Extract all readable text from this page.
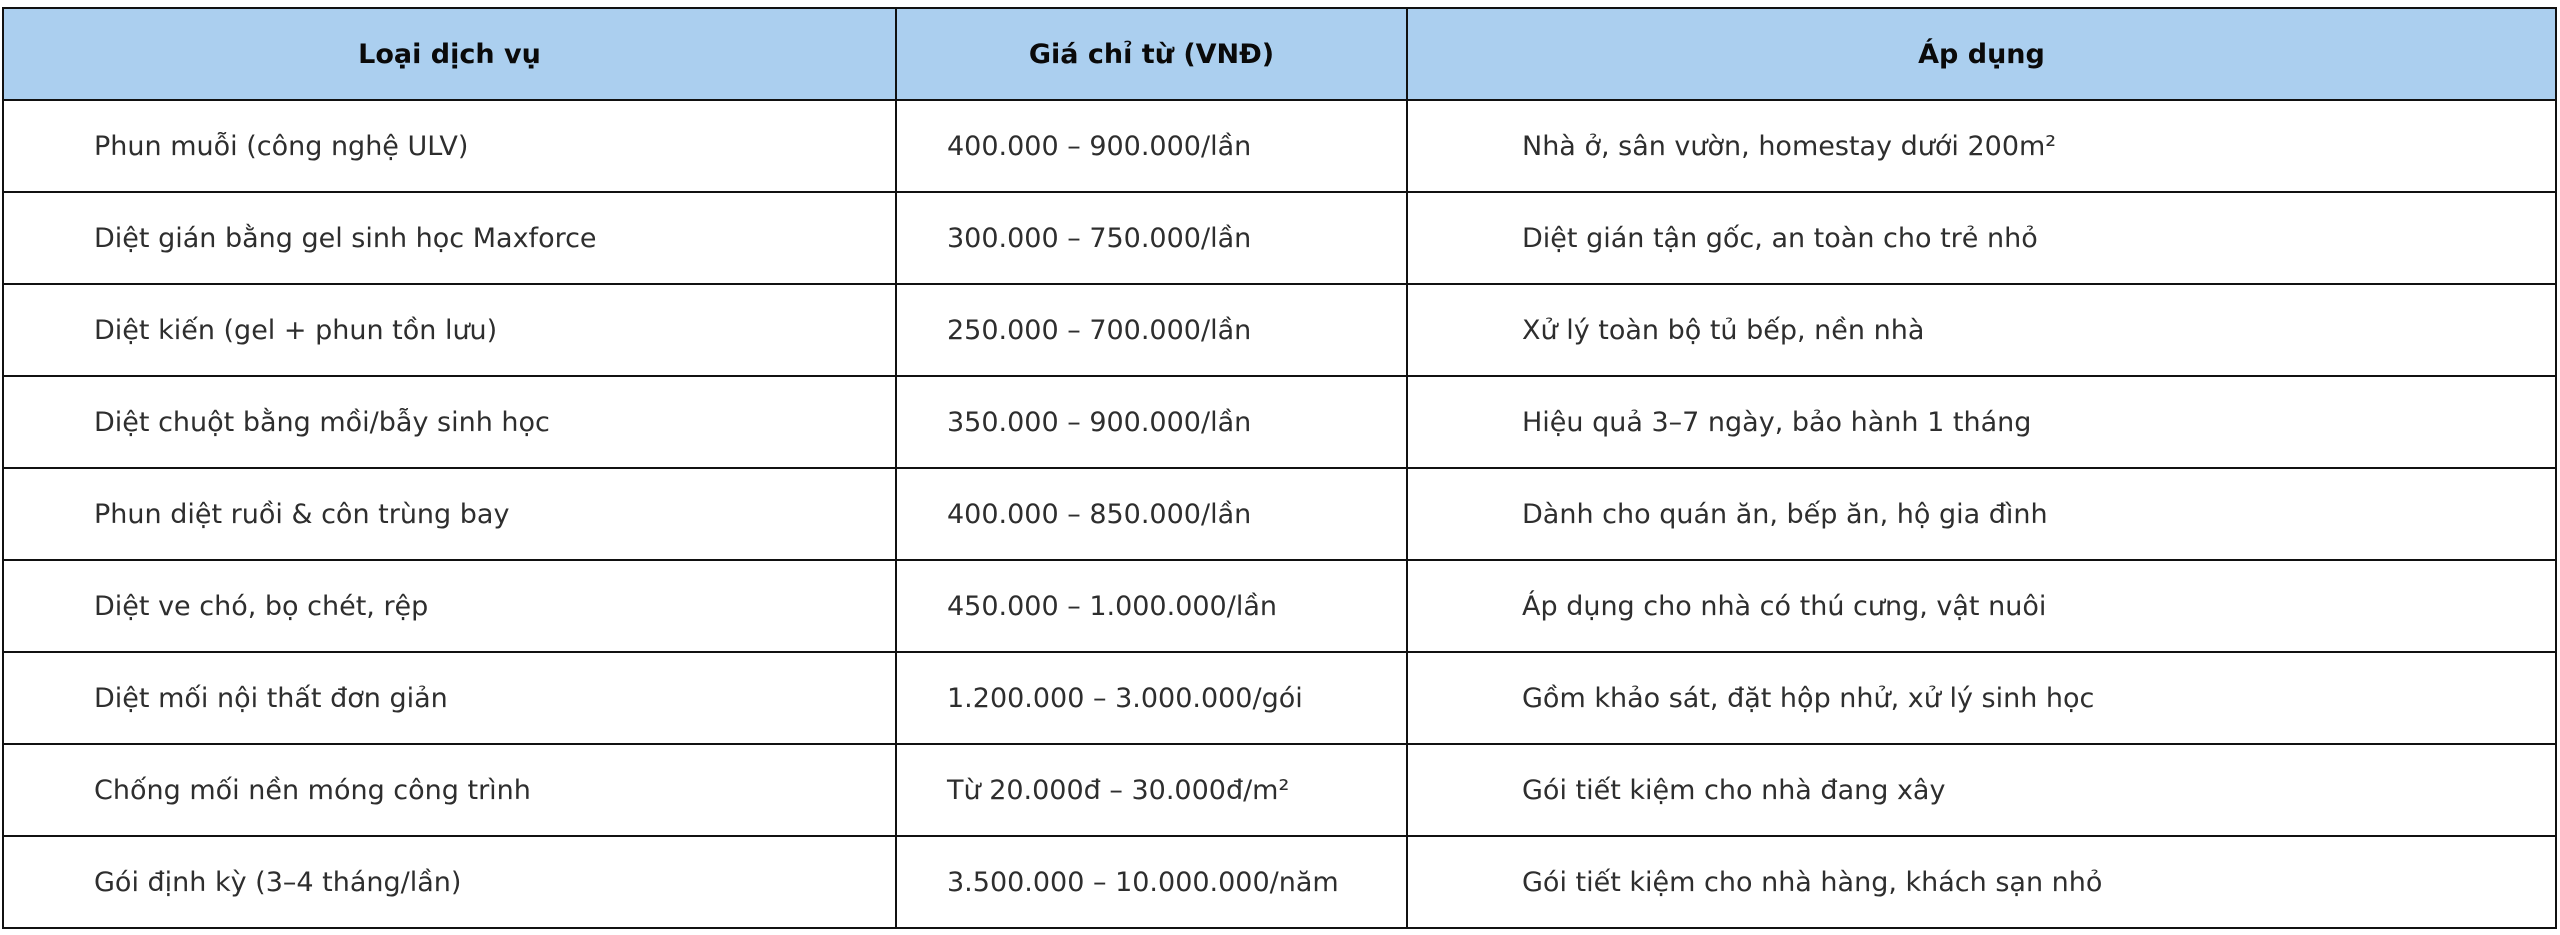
Loại dịch vụ	Giá chỉ từ (VNĐ)	Áp dụng
Phun muỗi (công nghệ ULV)	400.000 – 900.000/lần	Nhà ở, sân vườn, homestay dưới 200m²
Diệt gián bằng gel sinh học Maxforce	300.000 – 750.000/lần	Diệt gián tận gốc, an toàn cho trẻ nhỏ
Diệt kiến (gel + phun tồn lưu)	250.000 – 700.000/lần	Xử lý toàn bộ tủ bếp, nền nhà
Diệt chuột bằng mồi/bẫy sinh học	350.000 – 900.000/lần	Hiệu quả 3–7 ngày, bảo hành 1 tháng
Phun diệt ruồi & côn trùng bay	400.000 – 850.000/lần	Dành cho quán ăn, bếp ăn, hộ gia đình
Diệt ve chó, bọ chét, rệp	450.000 – 1.000.000/lần	Áp dụng cho nhà có thú cưng, vật nuôi
Diệt mối nội thất đơn giản	1.200.000 – 3.000.000/gói	Gồm khảo sát, đặt hộp nhử, xử lý sinh học
Chống mối nền móng công trình	Từ 20.000đ – 30.000đ/m²	Gói tiết kiệm cho nhà đang xây
Gói định kỳ (3–4 tháng/lần)	3.500.000 – 10.000.000/năm	Gói tiết kiệm cho nhà hàng, khách sạn nhỏ
